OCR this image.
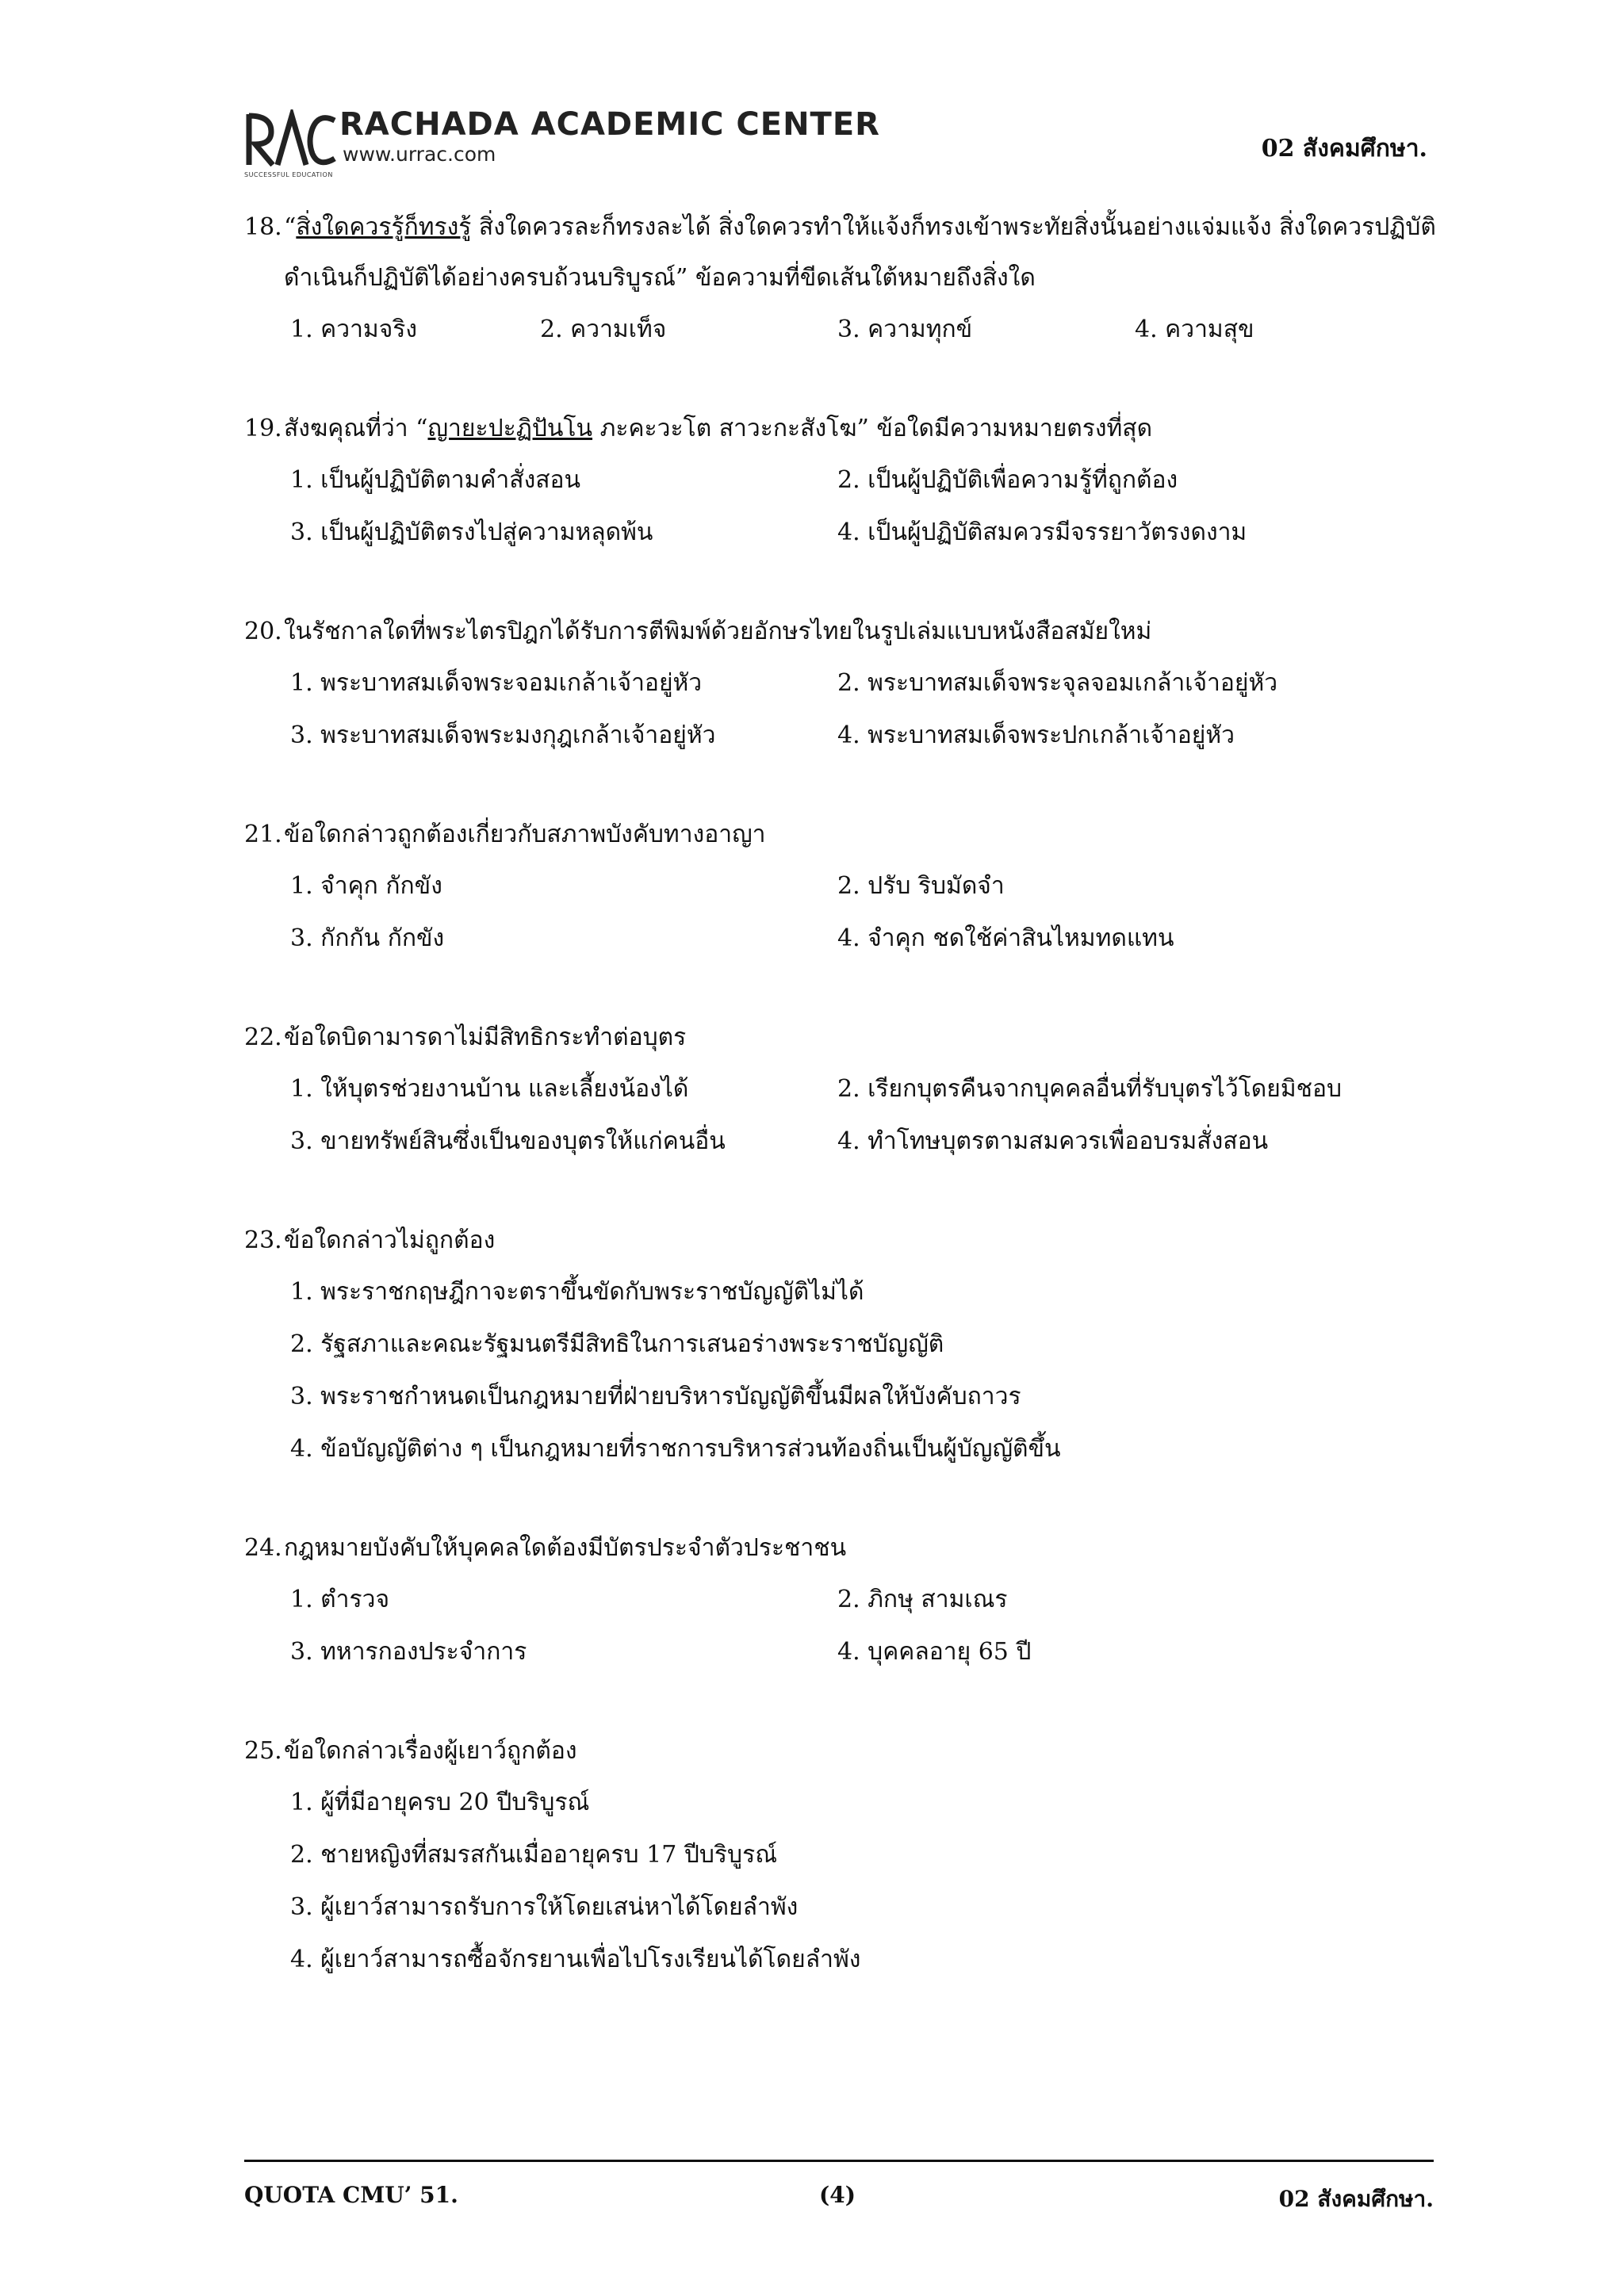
RACHADA ACADEMIC CENTER
www.urrac.com
SUCCESSFUL EDUCATION
02 สังคมศึกษา.
18. “สิ่งใดควรรู้ก็ทรงรู้ สิ่งใดควรละก็ทรงละได้ สิ่งใดควรทำให้แจ้งก็ทรงเข้าพระทัยสิ่งนั้นอย่างแจ่มแจ้ง สิ่งใดควรปฏิบัติดำเนินก็ปฏิบัติได้อย่างครบถ้วนบริบูรณ์” ข้อความที่ขีดเส้นใต้หมายถึงสิ่งใด
1. ความจริง	2. ความเท็จ	3. ความทุกข์	4. ความสุข
19. สังฆคุณที่ว่า “ญายะปะฏิปันโน ภะคะวะโต สาวะกะสังโฆ” ข้อใดมีความหมายตรงที่สุด
1. เป็นผู้ปฏิบัติตามคำสั่งสอน	2. เป็นผู้ปฏิบัติเพื่อความรู้ที่ถูกต้อง
3. เป็นผู้ปฏิบัติตรงไปสู่ความหลุดพ้น	4. เป็นผู้ปฏิบัติสมควรมีจรรยาวัตรงดงาม
20. ในรัชกาลใดที่พระไตรปิฎกได้รับการตีพิมพ์ด้วยอักษรไทยในรูปเล่มแบบหนังสือสมัยใหม่
1. พระบาทสมเด็จพระจอมเกล้าเจ้าอยู่หัว	2. พระบาทสมเด็จพระจุลจอมเกล้าเจ้าอยู่หัว
3. พระบาทสมเด็จพระมงกุฎเกล้าเจ้าอยู่หัว	4. พระบาทสมเด็จพระปกเกล้าเจ้าอยู่หัว
21. ข้อใดกล่าวถูกต้องเกี่ยวกับสภาพบังคับทางอาญา
1. จำคุก กักขัง	2. ปรับ ริบมัดจำ
3. กักกัน กักขัง	4. จำคุก ชดใช้ค่าสินไหมทดแทน
22. ข้อใดบิดามารดาไม่มีสิทธิกระทำต่อบุตร
1. ให้บุตรช่วยงานบ้าน และเลี้ยงน้องได้	2. เรียกบุตรคืนจากบุคคลอื่นที่รับบุตรไว้โดยมิชอบ
3. ขายทรัพย์สินซึ่งเป็นของบุตรให้แก่คนอื่น	4. ทำโทษบุตรตามสมควรเพื่ออบรมสั่งสอน
23. ข้อใดกล่าวไม่ถูกต้อง
1. พระราชกฤษฎีกาจะตราขึ้นขัดกับพระราชบัญญัติไม่ได้
2. รัฐสภาและคณะรัฐมนตรีมีสิทธิในการเสนอร่างพระราชบัญญัติ
3. พระราชกำหนดเป็นกฎหมายที่ฝ่ายบริหารบัญญัติขึ้นมีผลให้บังคับถาวร
4. ข้อบัญญัติต่าง ๆ เป็นกฎหมายที่ราชการบริหารส่วนท้องถิ่นเป็นผู้บัญญัติขึ้น
24. กฎหมายบังคับให้บุคคลใดต้องมีบัตรประจำตัวประชาชน
1. ตำรวจ	2. ภิกษุ สามเณร
3. ทหารกองประจำการ	4. บุคคลอายุ 65 ปี
25. ข้อใดกล่าวเรื่องผู้เยาว์ถูกต้อง
1. ผู้ที่มีอายุครบ 20 ปีบริบูรณ์
2. ชายหญิงที่สมรสกันเมื่ออายุครบ 17 ปีบริบูรณ์
3. ผู้เยาว์สามารถรับการให้โดยเสน่หาได้โดยลำพัง
4. ผู้เยาว์สามารถซื้อจักรยานเพื่อไปโรงเรียนได้โดยลำพัง
QUOTA CMU’ 51.	(4)	02 สังคมศึกษา.
